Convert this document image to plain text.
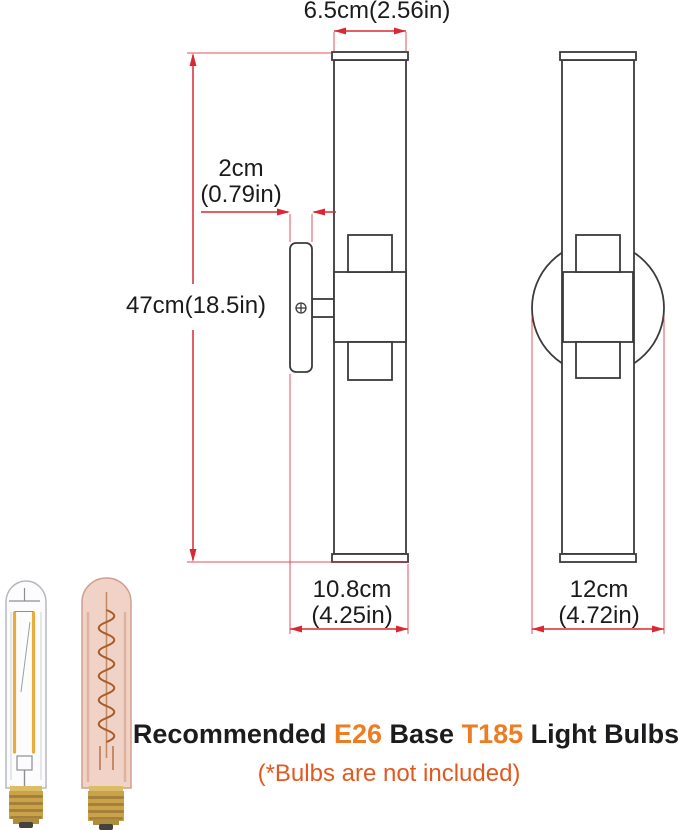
6.5cm(2.56in)
2cm
(0.79in)
47cm(18.5in)
10.8cm
(4.25in)
12cm
(4.72in)
Recommended E26 Base T185 Light Bulbs
(*Bulbs are not included)
